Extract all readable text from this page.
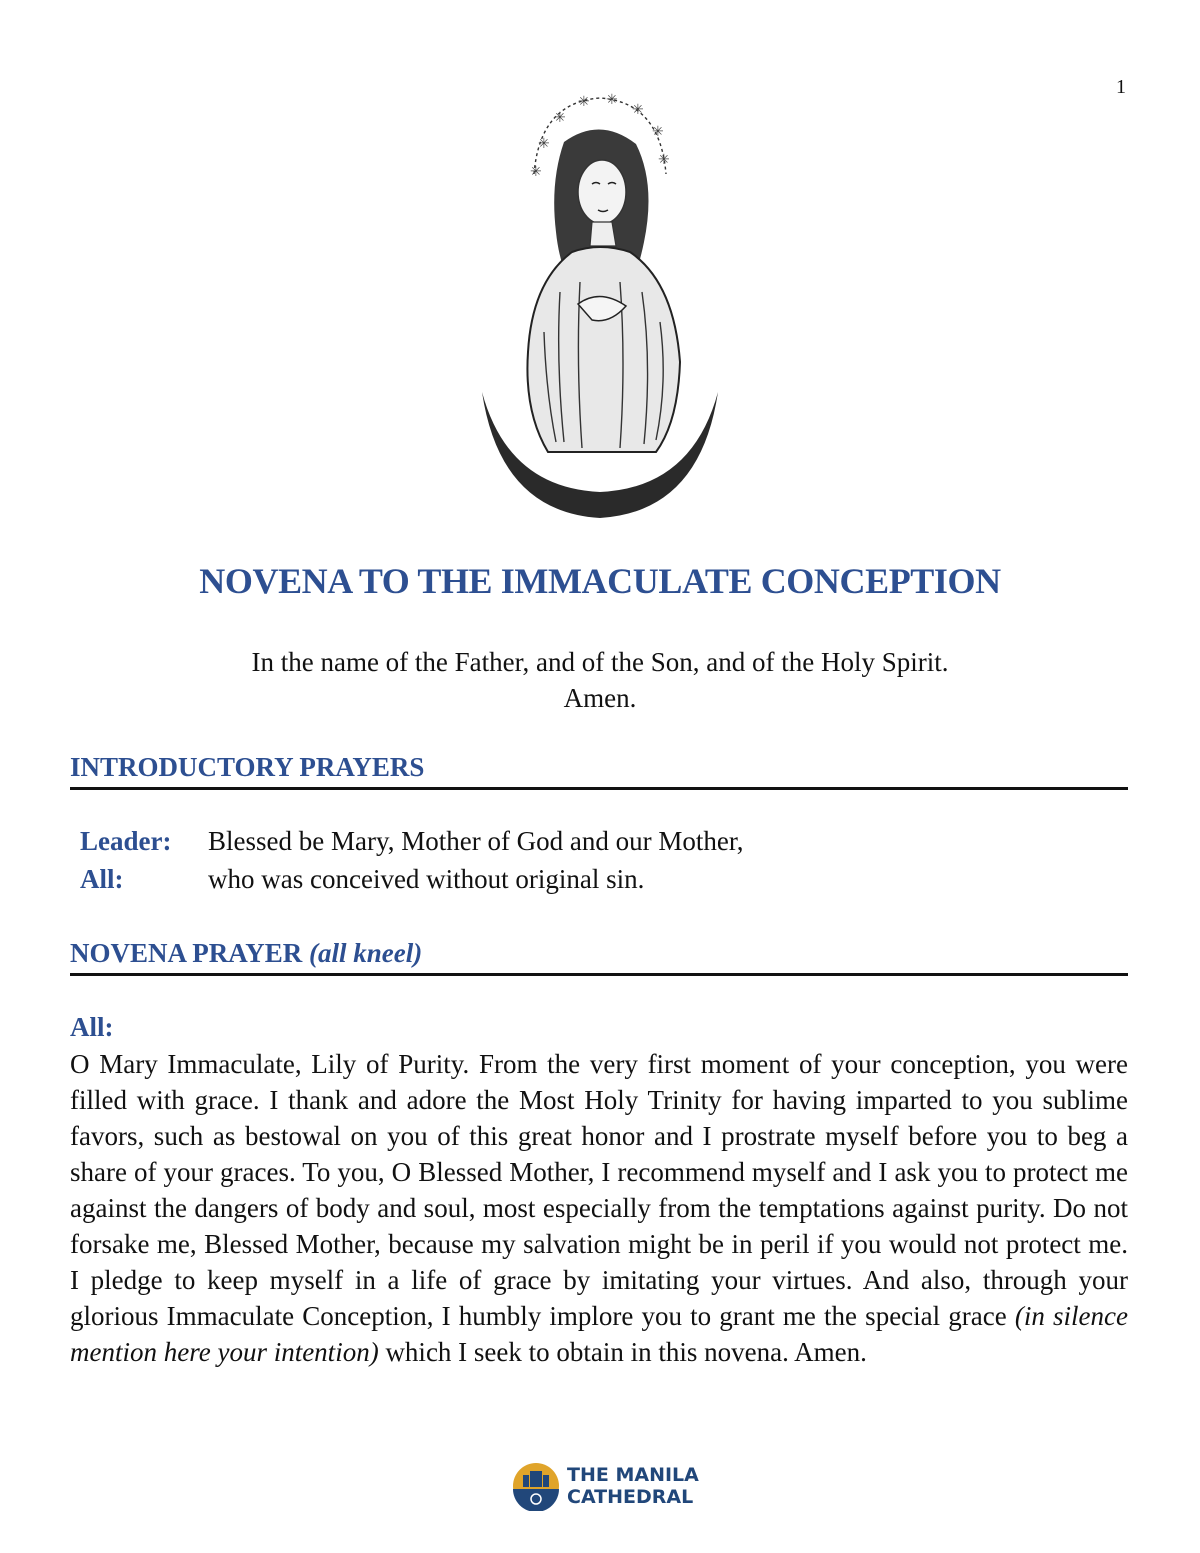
1
✳
✳
✳ ✳
✳
✳
✳
✳
NOVENA TO THE IMMACULATE CONCEPTION
In the name of the Father, and of the Son, and of the Holy Spirit.
Amen.
INTRODUCTORY PRAYERS
Leader: Blessed be Mary, Mother of God and our Mother,
All:	who was conceived without original sin.
NOVENA PRAYER (all kneel)
All:
O Mary Immaculate, Lily of Purity. From the very first moment of your conception, you were filled with grace. I thank and adore the Most Holy Trinity for having imparted to you sublime favors, such as bestowal on you of this great honor and I prostrate myself before you to beg a share of your graces. To you, O Blessed Mother, I recommend myself and I ask you to protect me against the dangers of body and soul, most especially from the temptations against purity. Do not forsake me, Blessed Mother, because my salvation might be in peril if you would not protect me. I pledge to keep myself in a life of grace by imitating your virtues. And also, through your glorious Immaculate Conception, I humbly implore you to grant me the special grace (in silence mention here your intention) which I seek to obtain in this novena. Amen.
THE MANILA
CATHEDRAL
